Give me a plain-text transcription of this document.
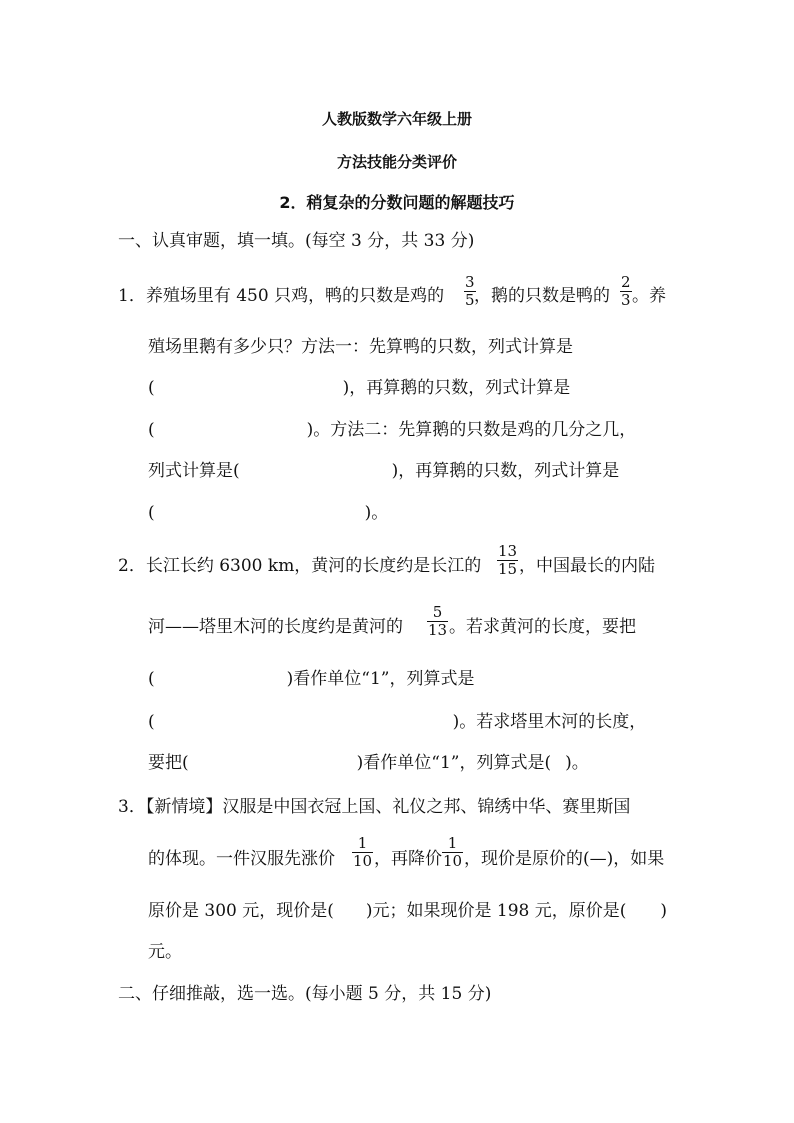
人教版数学六年级上册
方法技能分类评价
2．稍复杂的分数问题的解题技巧
一、认真审题，填一填。(每空 3 分，共 33 分)
1．养殖场里有 450 只鸡，鸭的只数是鸡的
3
5 ，鹅的只数是鸭的
2
3 。养
殖场里鹅有多少只？方法一：先算鸭的只数，列式计算是
(	)，再算鹅的只数，列式计算是
(	)。方法二：先算鹅的只数是鸡的几分之几，
列式计算是(	)，再算鹅的只数，列式计算是
(	)。
2．长江长约 6300 km，黄河的长度约是长江的
13
15 ，中国最长的内陆
河——塔里木河的长度约是黄河的
5
13 。若求黄河的长度，要把
(	)看作单位“1”，列算式是
(	)。若求塔里木河的长度，
要把(	)看作单位“1”，列算式是( )。
3．【新情境】汉服是中国衣冠上国、礼仪之邦、锦绣中华、赛里斯国
的体现。一件汉服先涨价
1
10 ，再降价
1
10 ，现价是原价的(—)，如果
原价是 300 元，现价是( )元；如果现价是 198 元，原价是( )
元。
二、仔细推敲，选一选。(每小题 5 分，共 15 分)
